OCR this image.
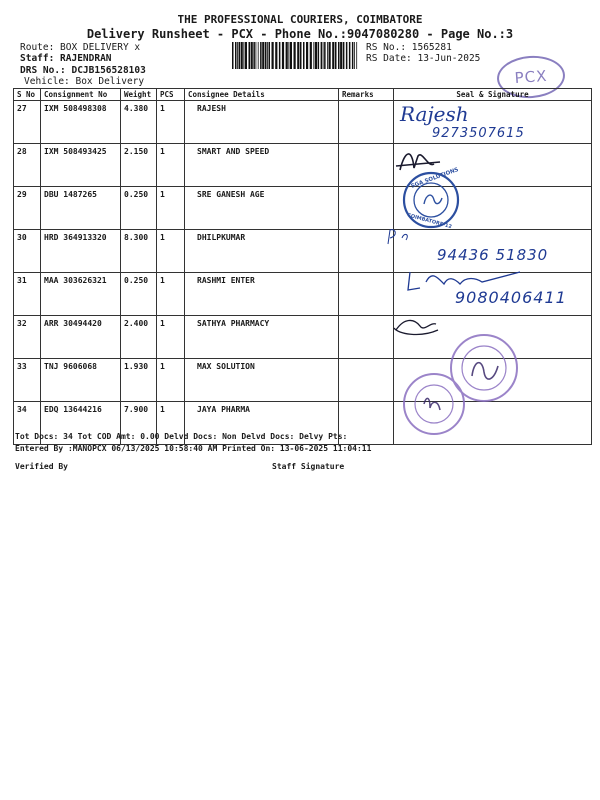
THE PROFESSIONAL COURIERS, COIMBATORE
Delivery Runsheet - PCX - Phone No.:9047080280 - Page No.:3
Route: BOX DELIVERY x
Staff: RAJENDRAN
DRS No.: DCJB156528103
Vehicle: Box Delivery
RS No.: 1565281
RS Date: 13-Jun-2025
PCX
S No	Consignment No	Weight	PCS	Consignee Details	Remarks	Seal & Signature
27	IXM 508498308	4.380	1	RAJESH		
28	IXM 508493425	2.150	1	SMART AND SPEED		
29	DBU 1487265	0.250	1	SRE GANESH AGE		
30	HRD 364913320	8.300	1	DHILPKUMAR		
31	MAA 303626321	0.250	1	RASHMI ENTER		
32	ARR 30494420	2.400	1	SATHYA PHARMACY		
33	TNJ 9606068	1.930	1	MAX SOLUTION		
34	EDQ 13644216	7.900	1	JAYA PHARMA		
Rajesh
9273507615
SGA SOLUTIONS
COIMBATORE-12
94436 51830
9080406411
Tot Docs: 34 Tot COD Amt: 0.00 Delvd Docs: Non Delvd Docs: Delvy Pts:
Entered By :MANOPCX 06/13/2025 10:58:40 AM Printed On: 13-06-2025 11:04:11
Verified By	Staff Signature
